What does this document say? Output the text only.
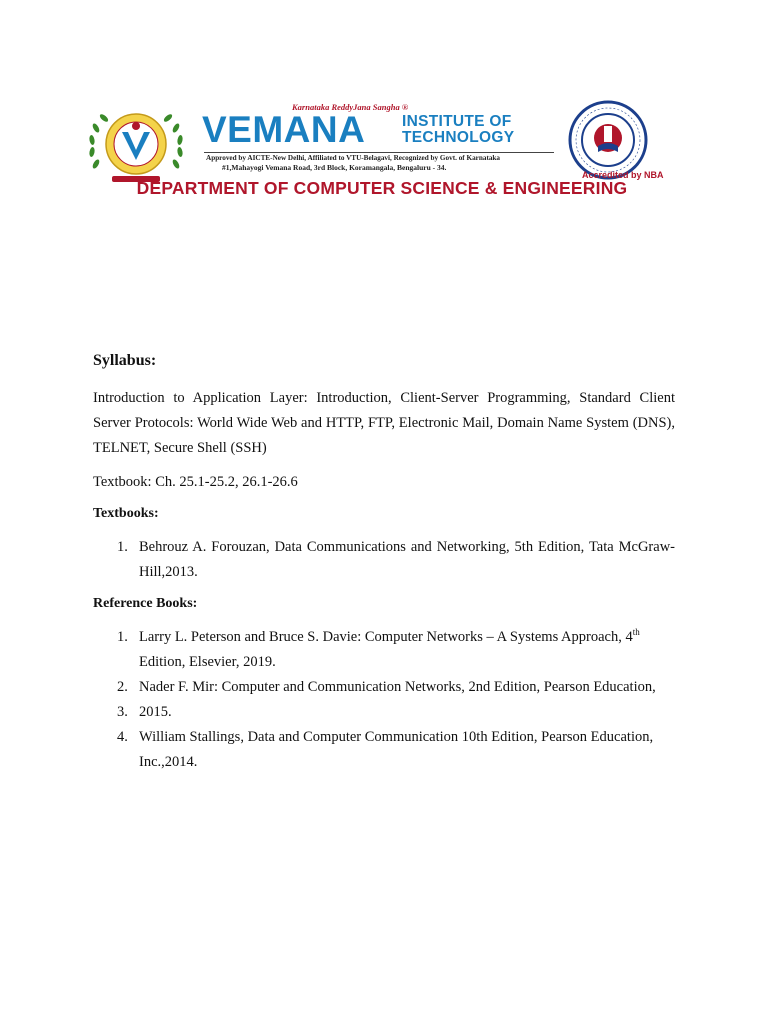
Karnataka ReddyJana Sangha ®
VEMANA INSTITUTE OF
TECHNOLOGY
Approved by AICTE-New Delhi, Affiliated to VTU-Belagavi, Recognized by Govt. of Karnataka
#1,Mahayogi Vemana Road, 3rd Block, Koramangala, Bengaluru - 34.
Accredited by NBA
DEPARTMENT OF COMPUTER SCIENCE & ENGINEERING
Syllabus:
Introduction to Application Layer: Introduction, Client-Server Programming, Standard Client Server Protocols: World Wide Web and HTTP, FTP, Electronic Mail, Domain Name System (DNS), TELNET, Secure Shell (SSH)
Textbook: Ch. 25.1-25.2, 26.1-26.6
Textbooks:
1. Behrouz A. Forouzan, Data Communications and Networking, 5th Edition, Tata McGraw-Hill,2013.
Reference Books:
1. Larry L. Peterson and Bruce S. Davie: Computer Networks – A Systems Approach, 4th Edition, Elsevier, 2019.
2. Nader F. Mir: Computer and Communication Networks, 2nd Edition, Pearson Education,
3. 2015.
4. William Stallings, Data and Computer Communication 10th Edition, Pearson Education, Inc.,2014.
